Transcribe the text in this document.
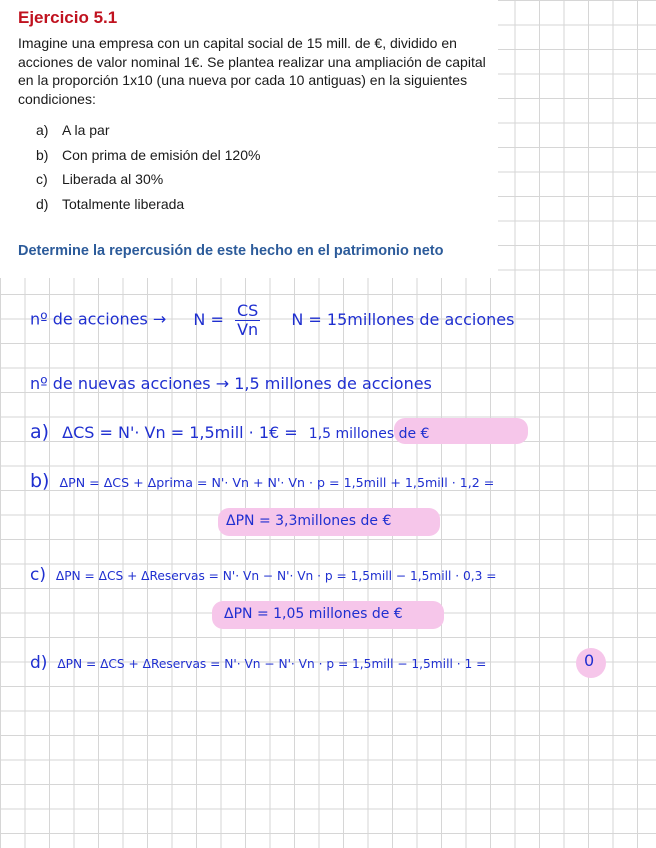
Ejercicio 5.1
Imagine una empresa con un capital social de 15 mill. de €, dividido en acciones de valor nominal 1€. Se plantea realizar una ampliación de capital en la proporción 1x10 (una nueva por cada 10 antiguas) en la siguientes condiciones:
a) A la par
b) Con prima de emisión del 120%
c) Liberada al 30%
d) Totalmente liberada
Determine la repercusión de este hecho en el patrimonio neto
nº de acciones → $N = \frac{CS}{Vn}$ N = 15millones de acciones
nº de nuevas acciones → 1,5 millones de acciones
a) ΔCS = N'· Vn = 1,5mill · 1€ = 1,5 millones de €
b) ΔPN = ΔCS + Δprima = N'· Vn + N'· Vn · p = 1,5mill + 1,5mill · 1,2 =
ΔPN = 3,3millones de €
c) ΔPN = ΔCS + ΔReservas = N'· Vn − N'· Vn · p = 1,5mill − 1,5mill · 0,3 =
ΔPN = 1,05 millones de €
d) ΔPN = ΔCS + ΔReservas = N'· Vn − N'· Vn · p = 1,5mill − 1,5mill · 1 =	0
